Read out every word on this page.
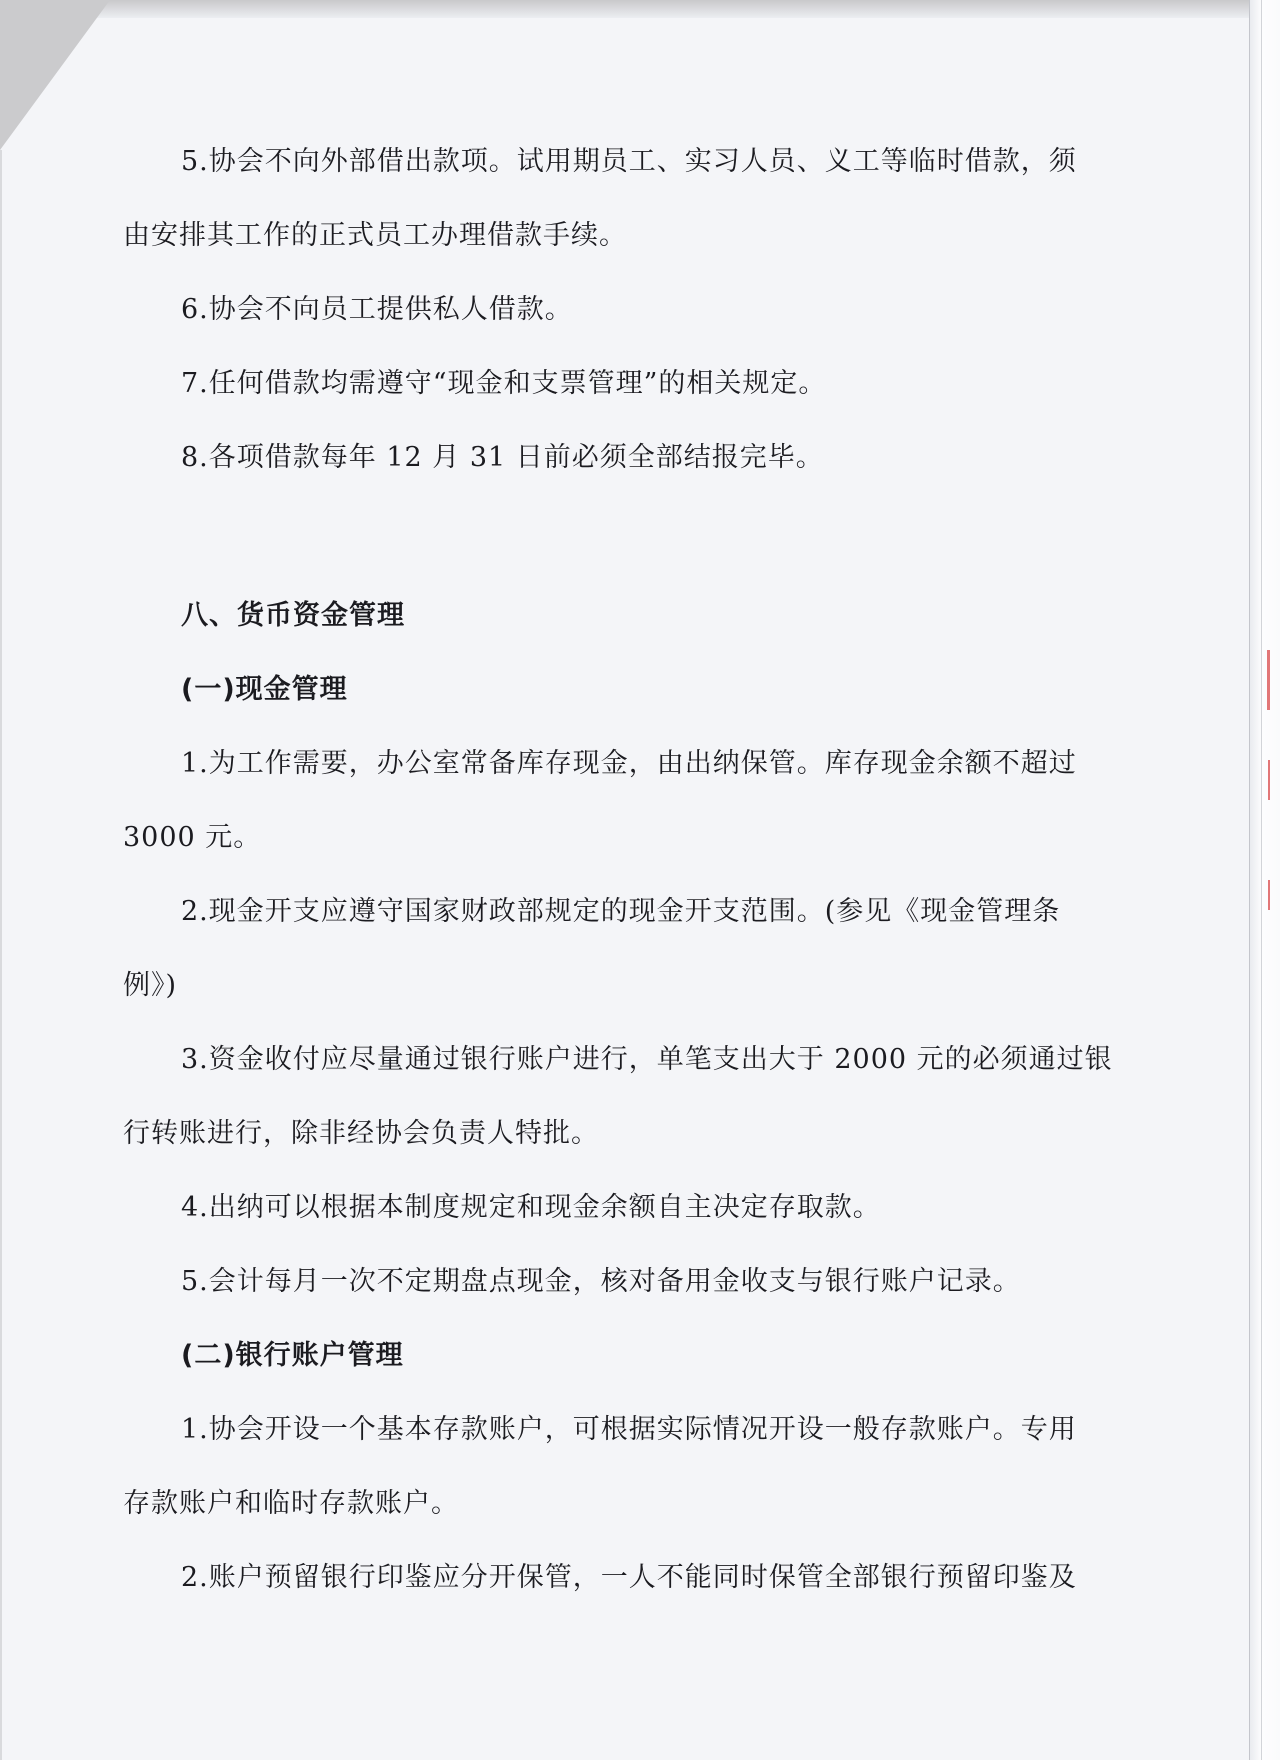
5.协会不向外部借出款项。试用期员工、实习人员、义工等临时借款，须

由安排其工作的正式员工办理借款手续。

6.协会不向员工提供私人借款。

7.任何借款均需遵守“现金和支票管理”的相关规定。

8.各项借款每年 12 月 31 日前必须全部结报完毕。

八、货币资金管理

(一)现金管理

1.为工作需要，办公室常备库存现金，由出纳保管。库存现金余额不超过

3000 元。

2.现金开支应遵守国家财政部规定的现金开支范围。(参见《现金管理条

例》)

3.资金收付应尽量通过银行账户进行，单笔支出大于 2000 元的必须通过银

行转账进行，除非经协会负责人特批。

4.出纳可以根据本制度规定和现金余额自主决定存取款。

5.会计每月一次不定期盘点现金，核对备用金收支与银行账户记录。

(二)银行账户管理

1.协会开设一个基本存款账户，可根据实际情况开设一般存款账户。专用

存款账户和临时存款账户。

2.账户预留银行印鉴应分开保管，一人不能同时保管全部银行预留印鉴及
